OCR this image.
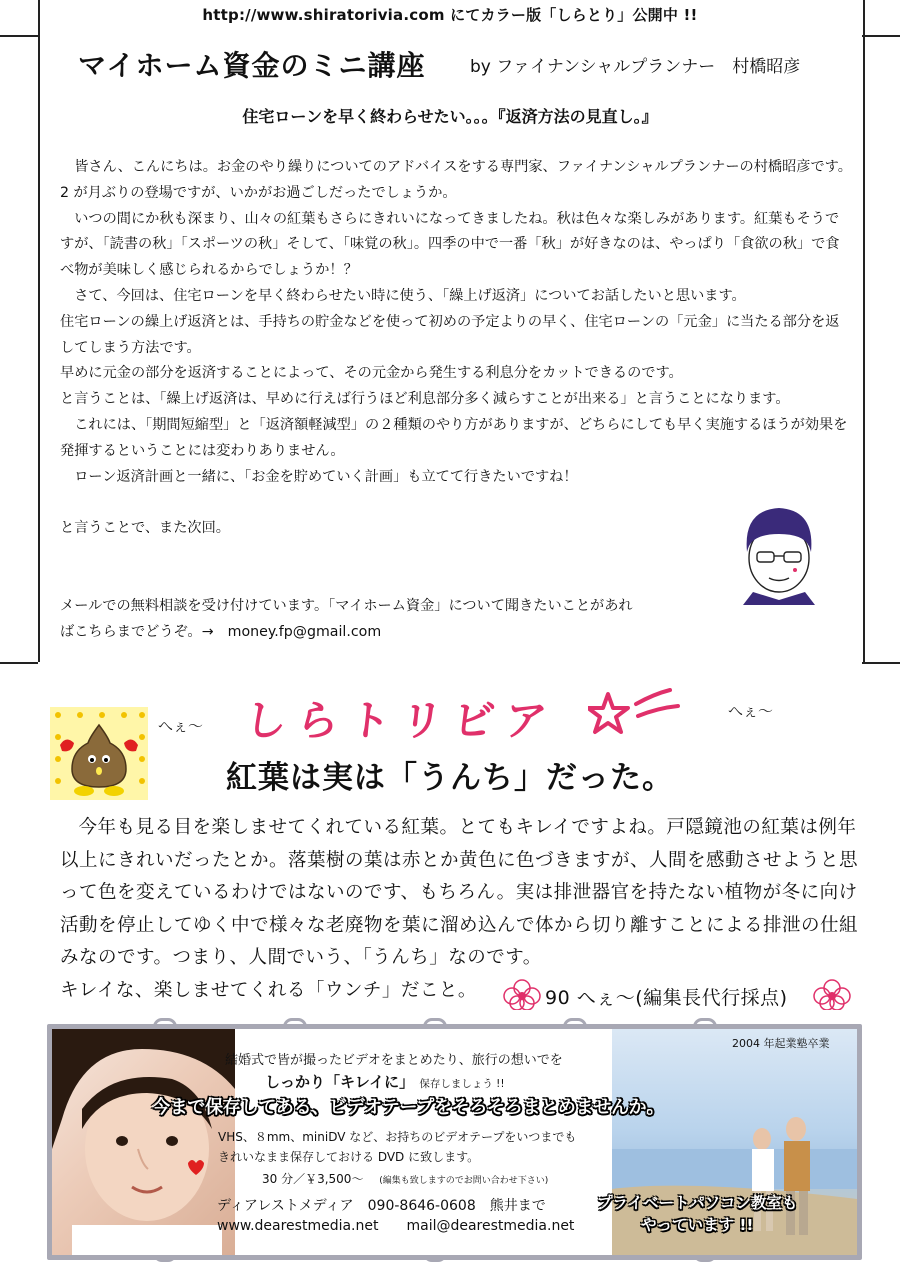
http://www.shiratorivia.com にてカラー版「しらとり」公開中 !!
マイホーム資金のミニ講座	by ファイナンシャルプランナー　村橋昭彦
住宅ローンを早く終わらせたい。。。『返済方法の見直し。』

皆さん、こんにちは。お金のやり繰りについてのアドバイスをする専門家、ファイナンシャルプランナーの村橋昭彦です。2 が月ぶりの登場ですが、いかがお過ごしだったでしょうか。

いつの間にか秋も深まり、山々の紅葉もさらにきれいになってきましたね。秋は色々な楽しみがあります。紅葉もそうですが、「読書の秋」「スポーツの秋」そして、「味覚の秋」。四季の中で一番「秋」が好きなのは、やっぱり「食欲の秋」で食べ物が美味しく感じられるからでしょうか！？

さて、今回は、住宅ローンを早く終わらせたい時に使う、「繰上げ返済」についてお話したいと思います。

住宅ローンの繰上げ返済とは、手持ちの貯金などを使って初めの予定よりの早く、住宅ローンの「元金」に当たる部分を返してしまう方法です。

早めに元金の部分を返済することによって、その元金から発生する利息分をカットできるのです。

と言うことは、「繰上げ返済は、早めに行えば行うほど利息部分多く減らすことが出来る」と言うことになります。

これには、「期間短縮型」と「返済額軽減型」の２種類のやり方がありますが、どちらにしても早く実施するほうが効果を発揮するということには変わりありません。

ローン返済計画と一緒に、「お金を貯めていく計画」も立てて行きたいですね！

と言うことで、また次回。

メールでの無料相談を受け付けています。「マイホーム資金」について聞きたいことがあれ
ばこちらまでどうぞ。→　money.fp@gmail.com
へぇ〜 しらトリビア	へぇ〜
紅葉は実は「うんち」だった。

今年も見る目を楽しませてくれている紅葉。とてもキレイですよね。戸隠鏡池の紅葉は例年以上にきれいだったとか。落葉樹の葉は赤とか黄色に色づきますが、人間を感動させようと思って色を変えているわけではないのです、もちろん。実は排泄器官を持たない植物が冬に向け活動を停止してゆく中で様々な老廃物を葉に溜め込んで体から切り離すことによる排泄の仕組みなのです。つまり、人間でいう、「うんち」なのです。

キレイな、楽しませてくれる「ウンチ」だこと。	90 へぇ〜(編集長代行採点)
2004 年起業塾卒業
結婚式で皆が撮ったビデオをまとめたり、旅行の想いでを
しっかり「キレイに」 保存しましょう !!
今まで保存してある、ビデオテープをそろそろまとめませんか。
VHS、８mm、miniDV など、お持ちのビデオテープをいつまでも
きれいなまま保存しておける DVD に致します。
30 分／￥3,500〜 (編集も致しますのでお問い合わせ下さい)
ディアレストメディア　090-8646-0608　熊井まで
www.dearestmedia.net　　mail@dearestmedia.net
プライベートパソコン教室も
やっています !!
